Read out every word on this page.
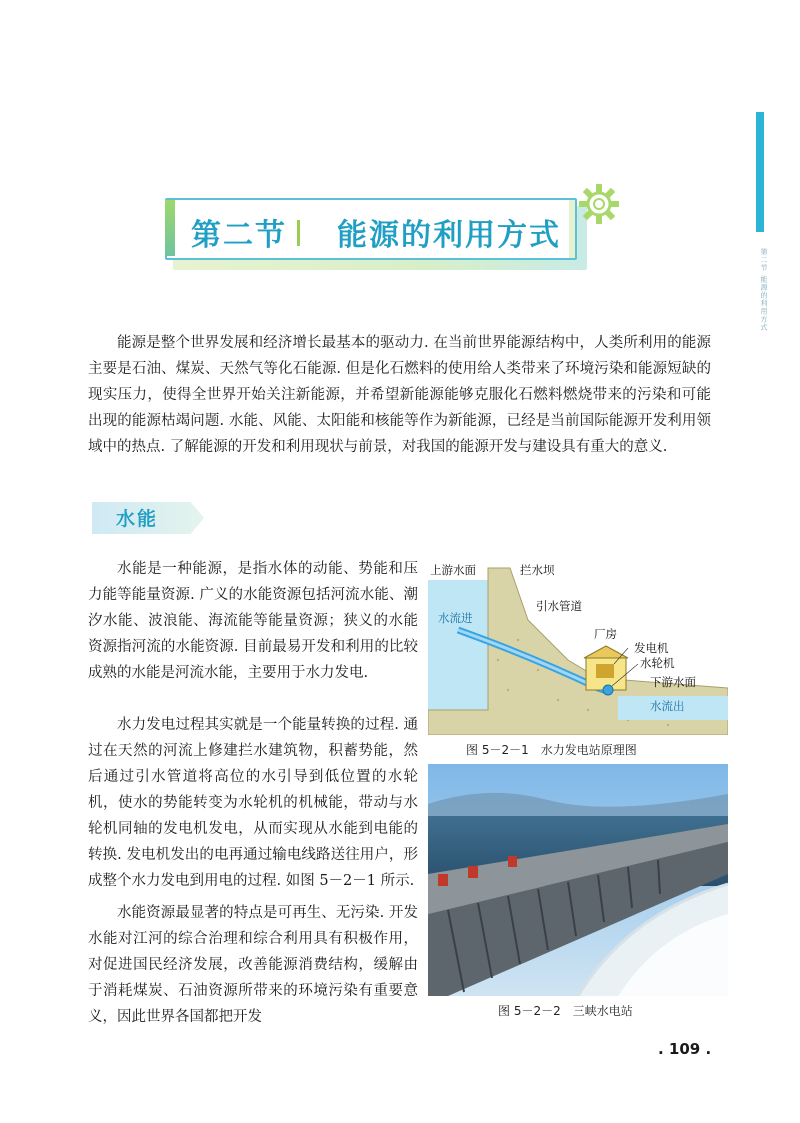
第二节 能源的利用方式
第二节 能源的利用方式
能源是整个世界发展和经济增长最基本的驱动力. 在当前世界能源结构中，人类所利用的能源主要是石油、煤炭、天然气等化石能源. 但是化石燃料的使用给人类带来了环境污染和能源短缺的现实压力，使得全世界开始关注新能源，并希望新能源能够克服化石燃料燃烧带来的污染和可能出现的能源枯竭问题. 水能、风能、太阳能和核能等作为新能源，已经是当前国际能源开发利用领域中的热点. 了解能源的开发和利用现状与前景，对我国的能源开发与建设具有重大的意义.
水能
水能是一种能源，是指水体的动能、势能和压力能等能量资源. 广义的水能资源包括河流水能、潮汐水能、波浪能、海流能等能量资源；狭义的水能资源指河流的水能资源. 目前最易开发和利用的比较成熟的水能是河流水能，主要用于水力发电.
水力发电过程其实就是一个能量转换的过程. 通过在天然的河流上修建拦水建筑物，积蓄势能，然后通过引水管道将高位的水引导到低位置的水轮机，使水的势能转变为水轮机的机械能，带动与水轮机同轴的发电机发电，从而实现从水能到电能的转换. 发电机发出的电再通过输电线路送往用户，形成整个水力发电到用电的过程. 如图 5－2－1 所示.
水能资源最显著的特点是可再生、无污染. 开发水能对江河的综合治理和综合利用具有积极作用，对促进国民经济发展，改善能源消费结构，缓解由于消耗煤炭、石油资源所带来的环境污染有重要意义，因此世界各国都把开发
上游水面	拦水坝
引水管道
水流进
厂房
发电机
水轮机
下游水面
水流出
图 5－2－1　水力发电站原理图
图 5－2－2　三峡水电站
. 109 .
